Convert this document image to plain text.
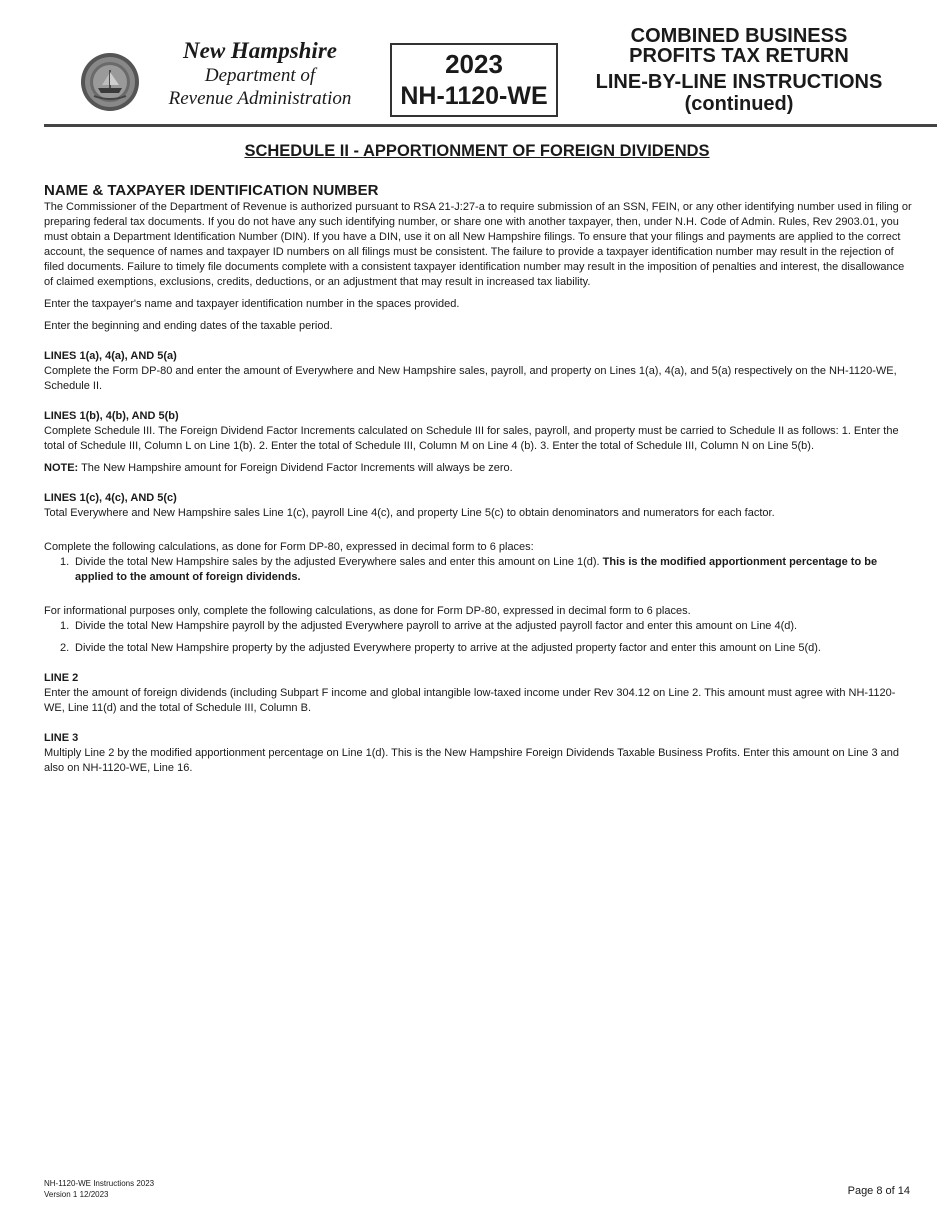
New Hampshire
Department of
Revenue Administration
2023
NH-1120-WE
COMBINED BUSINESS
PROFITS TAX RETURN
LINE-BY-LINE INSTRUCTIONS
(continued)
SCHEDULE II - APPORTIONMENT OF FOREIGN DIVIDENDS

NAME & TAXPAYER IDENTIFICATION NUMBER

The Commissioner of the Department of Revenue is authorized pursuant to RSA 21-J:27-a to require submission of an SSN, FEIN, or any other identifying number used in filing or preparing federal tax documents. If you do not have any such identifying number, or share one with another taxpayer, then, under N.H. Code of Admin. Rules, Rev 2903.01, you must obtain a Department Identification Number (DIN). If you have a DIN, use it on all New Hampshire filings. To ensure that your filings and payments are applied to the correct account, the sequence of names and taxpayer ID numbers on all filings must be consistent. The failure to provide a taxpayer identification number may result in the rejection of filed documents. Failure to timely file documents complete with a consistent taxpayer identification number may result in the imposition of penalties and interest, the disallowance of claimed exemptions, exclusions, credits, deductions, or an adjustment that may result in increased tax liability.

Enter the taxpayer's name and taxpayer identification number in the spaces provided.

Enter the beginning and ending dates of the taxable period.

LINES 1(a), 4(a), AND 5(a)

Complete the Form DP-80 and enter the amount of Everywhere and New Hampshire sales, payroll, and property on Lines 1(a), 4(a), and 5(a) respectively on the NH-1120-WE, Schedule II.

LINES 1(b), 4(b), AND 5(b)

Complete Schedule III. The Foreign Dividend Factor Increments calculated on Schedule III for sales, payroll, and property must be carried to Schedule II as follows: 1. Enter the total of Schedule III, Column L on Line 1(b). 2. Enter the total of Schedule III, Column M on Line 4 (b). 3. Enter the total of Schedule III, Column N on Line 5(b).

NOTE: The New Hampshire amount for Foreign Dividend Factor Increments will always be zero.

LINES 1(c), 4(c), AND 5(c)

Total Everywhere and New Hampshire sales Line 1(c), payroll Line 4(c), and property Line 5(c) to obtain denominators and numerators for each factor.

Complete the following calculations, as done for Form DP-80, expressed in decimal form to 6 places:

1. Divide the total New Hampshire sales by the adjusted Everywhere sales and enter this amount on Line 1(d). This is the modified apportionment percentage to be applied to the amount of foreign dividends.

For informational purposes only, complete the following calculations, as done for Form DP-80, expressed in decimal form to 6 places.

1. Divide the total New Hampshire payroll by the adjusted Everywhere payroll to arrive at the adjusted payroll factor and enter this amount on Line 4(d).
2. Divide the total New Hampshire property by the adjusted Everywhere property to arrive at the adjusted property factor and enter this amount on Line 5(d).

LINE 2

Enter the amount of foreign dividends (including Subpart F income and global intangible low-taxed income under Rev 304.12 on Line 2. This amount must agree with NH-1120-WE, Line 11(d) and the total of Schedule III, Column B.

LINE 3

Multiply Line 2 by the modified apportionment percentage on Line 1(d). This is the New Hampshire Foreign Dividends Taxable Business Profits. Enter this amount on Line 3 and also on NH-1120-WE, Line 16.

NH-1120-WE Instructions 2023
Version 1 12/2023	Page 8 of 14
